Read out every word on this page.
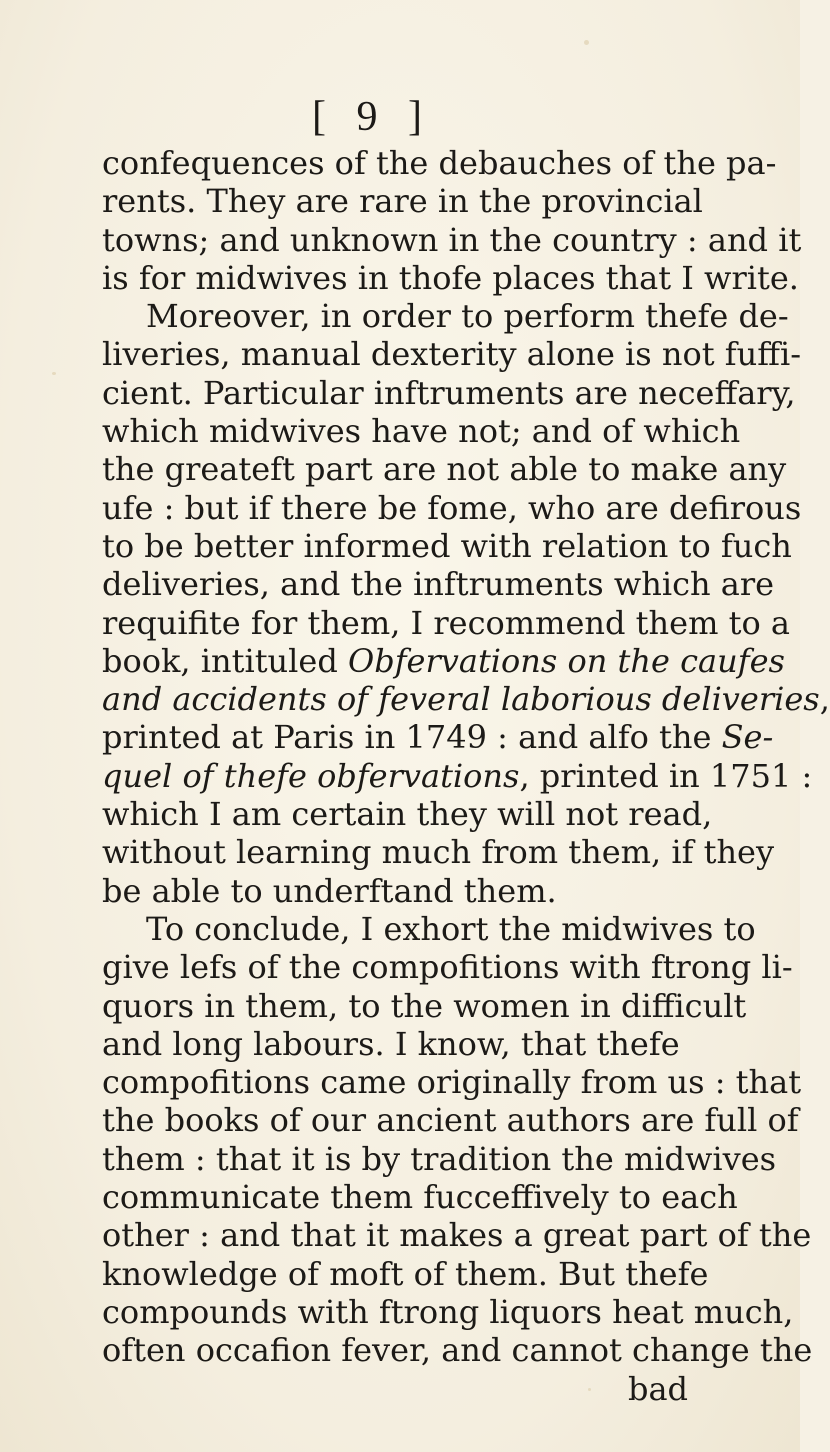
[ 9 ]
confequences of the debauches of the pa-
rents. They are rare in the provincial
towns; and unknown in the country : and it
is for midwives in thofe places that I write.
Moreover, in order to perform thefe de-
liveries, manual dexterity alone is not fuffi-
cient. Particular inftruments are neceffary,
which midwives have not; and of which
the greateft part are not able to make any
ufe : but if there be fome, who are defirous
to be better informed with relation to fuch
deliveries, and the inftruments which are
requifite for them, I recommend them to a
book, intituled
Obfervations on the caufes
and accidents of feveral laborious deliveries,
printed at Paris in 1749 : and alfo the Se-
quel of thefe obfervations, printed in 1751 :
which I am certain they will not read,
without learning much from them, if they
be able to underftand them.
To conclude, I exhort the midwives to
give lefs of the compofitions with ftrong li-
quors in them, to the women in difficult
and long labours. I know, that thefe
compofitions came originally from us : that
the books of our ancient authors are full of
them : that it is by tradition the midwives
communicate them fucceffively to each
other : and that it makes a great part of the
knowledge of moft of them. But thefe
compounds with ftrong liquors heat much,
often occafion fever, and cannot change the
bad
